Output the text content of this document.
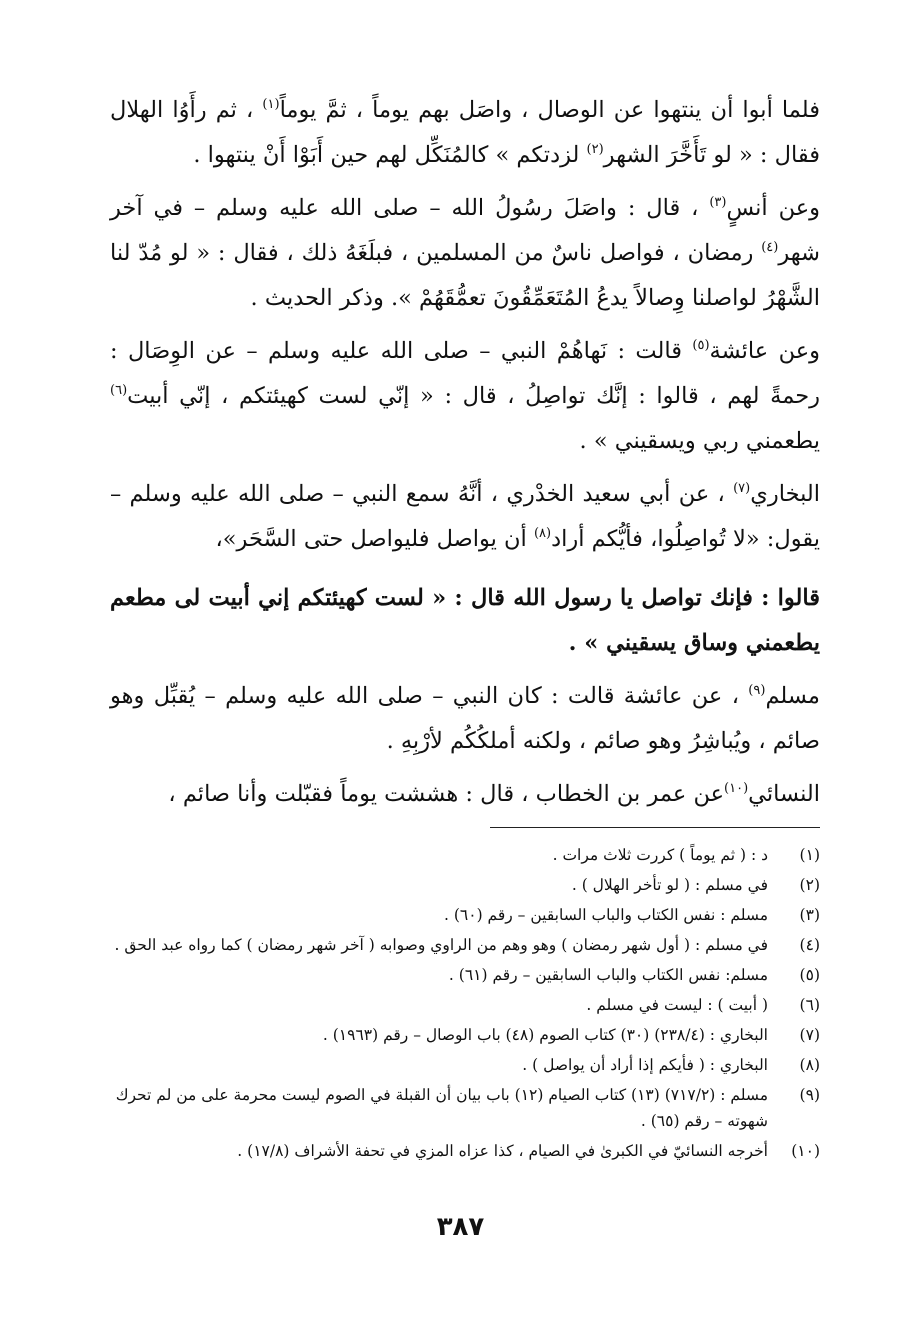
فلما أبوا أن ينتهوا عن الوصال ، واصَل بهم يوماً ، ثمَّ يوماً$^{(١)}$ ، ثم رأَوُا الهلال فقال : « لو تَأَخَّرَ الشهر$^{(٢)}$ لزدتكم » كالمُنَكِّل لهم حين أَبَوْا أَنْ ينتهوا .

وعن أنسٍ$^{(٣)}$ ، قال : واصَلَ رسُولُ الله – صلى الله عليه وسلم – في آخر شهر$^{(٤)}$ رمضان ، فواصل ناسٌ من المسلمين ، فبلَغَهُ ذلك ، فقال : « لو مُدّ لنا الشَّهْرُ لواصلنا وِصالاً يدعُ المُتَعَمِّقُونَ تعمُّقَهُمْ ». وذكر الحديث .

وعن عائشة$^{(٥)}$ قالت : نَهاهُمْ النبي – صلى الله عليه وسلم – عن الوِصَال : رحمةً لهم ، قالوا : إنَّك تواصِلُ ، قال : « إنّي لست كهيئتكم ، إنّي أبيت$^{(٦)}$ يطعمني ربي ويسقيني » .

البخاري$^{(٧)}$ ، عن أبي سعيد الخدْري ، أنَّهُ سمع النبي – صلى الله عليه وسلم – يقول: «لا تُواصِلُوا، فأيُّكم أراد$^{(٨)}$ أن يواصل فليواصل حتى السَّحَر»،

قالوا : فإنك تواصل يا رسول الله قال : « لست كهيئتكم إني أبيت لى مطعم يطعمني وساق يسقيني » .

مسلم$^{(٩)}$ ، عن عائشة قالت : كان النبي – صلى الله عليه وسلم – يُقبِّل وهو صائم ، ويُباشِرُ وهو صائم ، ولكنه أملكُكُم لأرْبِهِ .

النسائي$^{(١٠)}$عن عمر بن الخطاب ، قال : هششت يوماً فقبّلت وأنا صائم ،

(١)
د : ( ثم يوماً ) كررت ثلاث مرات .
(٢)
في مسلم : ( لو تأخر الهلال ) .
(٣)
مسلم : نفس الكتاب والباب السابقين – رقم (٦٠) .
(٤)
في مسلم : ( أول شهر رمضان ) وهو وهم من الراوي وصوابه ( آخر شهر رمضان ) كما رواه عبد الحق .
(٥)
مسلم: نفس الكتاب والباب السابقين – رقم (٦١) .
(٦)
( أبيت ) : ليست في مسلم .
(٧)
البخاري : (٢٣٨/٤) (٣٠) كتاب الصوم (٤٨) باب الوصال – رقم (١٩٦٣) .
(٨)
البخاري : ( فأيكم إذا أراد أن يواصل ) .
(٩)
مسلم : (٧١٧/٢) (١٣) كتاب الصيام (١٢) باب بيان أن القبلة في الصوم ليست محرمة على من لم تحرك شهوته – رقم (٦٥) .
(١٠)
أخرجه النسائيّ في الكبرىٰ في الصيام ، كذا عزاه المزي في تحفة الأشراف (١٧/٨) .
٣٨٧
